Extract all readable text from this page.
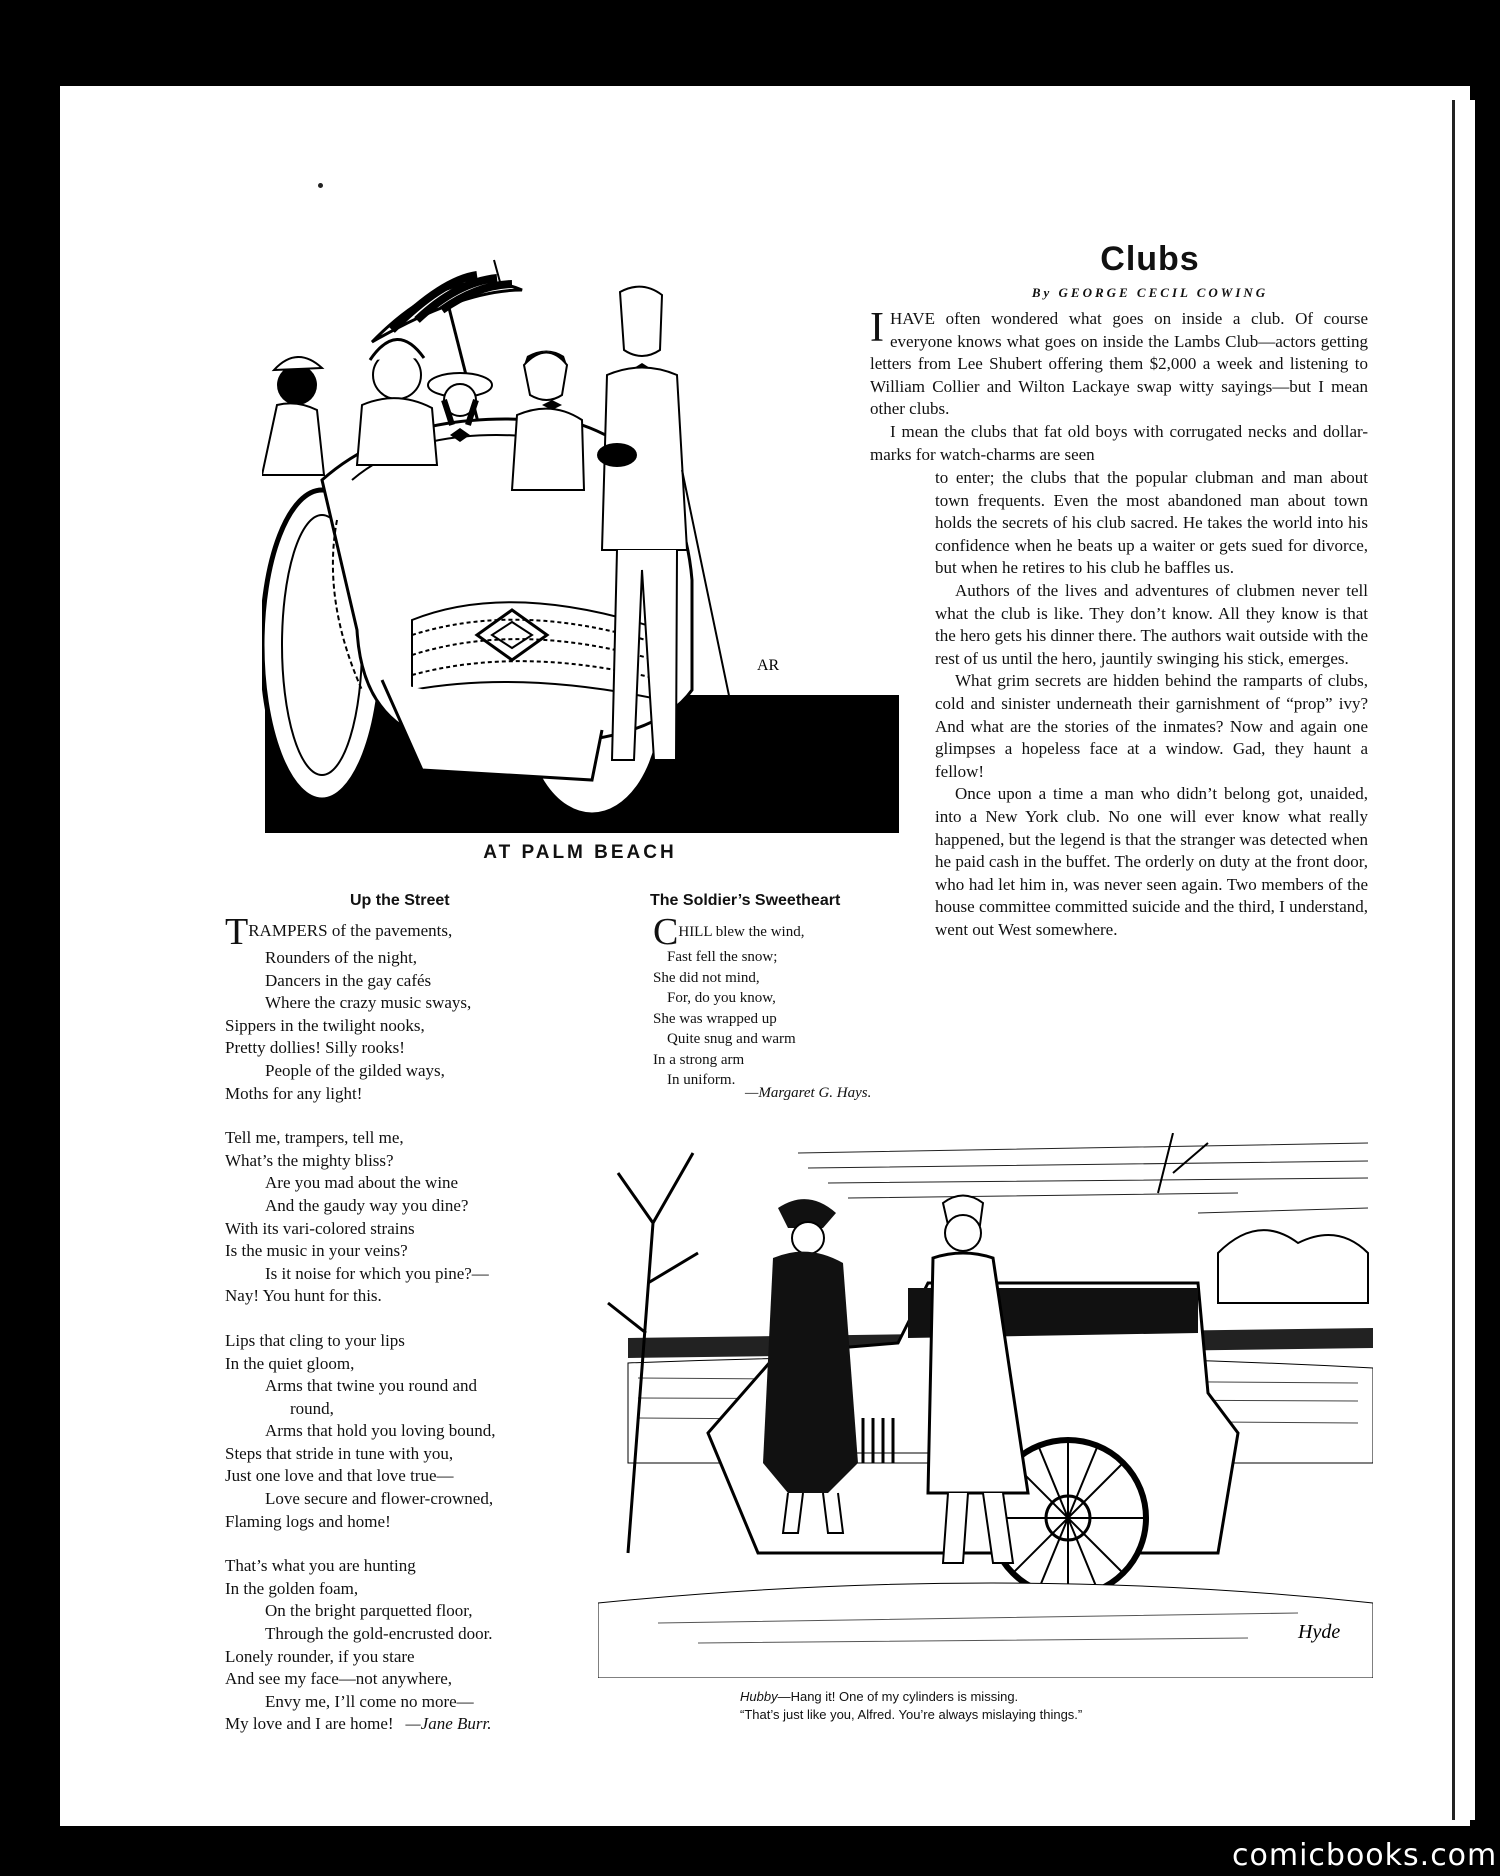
Clubs
By GEORGE CECIL COWING

IHAVE often wondered what goes on inside a club. Of course everyone knows what goes on inside the Lambs Club—actors getting letters from Lee Shubert offering them $2,000 a week and listening to William Collier and Wilton Lackaye swap witty sayings—but I mean other clubs.

I mean the clubs that fat old boys with corrugated necks and dollar-marks for watch-charms are seen

to enter; the clubs that the popular clubman and man about town frequents. Even the most abandoned man about town holds the secrets of his club sacred. He takes the world into his confidence when he beats up a waiter or gets sued for divorce, but when he retires to his club he baffles us.

Authors of the lives and adventures of clubmen never tell what the club is like. They don’t know. All they know is that the hero gets his dinner there. The authors wait outside with the rest of us until the hero, jauntily swinging his stick, emerges.

What grim secrets are hidden behind the ramparts of clubs, cold and sinister underneath their garnishment of “prop” ivy? And what are the stories of the inmates? Now and again one glimpses a hopeless face at a window. Gad, they haunt a fellow!

Once upon a time a man who didn’t belong got, unaided, into a New York club. No one will ever know what really happened, but the legend is that the stranger was detected when he paid cash in the buffet. The orderly on duty at the front door, who had let him in, was never seen again. Two members of the house committee committed suicide and the third, I understand, went out West somewhere.

AR
AT PALM BEACH
Up the Street
TRAMPERS of the pavements,
Rounders of the night,
Dancers in the gay cafés
Where the crazy music sways,
Sippers in the twilight nooks,
Pretty dollies! Silly rooks!
People of the gilded ways,
Moths for any light!
Tell me, trampers, tell me,
What’s the mighty bliss?
Are you mad about the wine
And the gaudy way you dine?
With its vari-colored strains
Is the music in your veins?
Is it noise for which you pine?—
Nay! You hunt for this.
Lips that cling to your lips
In the quiet gloom,
Arms that twine you round and
round,
Arms that hold you loving bound,
Steps that stride in tune with you,
Just one love and that love true—
Love secure and flower-crowned,
Flaming logs and home!
That’s what you are hunting
In the golden foam,
On the bright parquetted floor,
Through the gold-encrusted door.
Lonely rounder, if you stare
And see my face—not anywhere,
Envy me, I’ll come no more—
My love and I are home! —Jane Burr.
The Soldier’s Sweetheart
CHILL blew the wind,
Fast fell the snow;
She did not mind,
For, do you know,
She was wrapped up
Quite snug and warm
In a strong arm
In uniform.
—Margaret G. Hays.
Hyde
Hubby—Hang it! One of my cylinders is missing.
“That’s just like you, Alfred. You’re always mislaying things.”
comicbooks.com
